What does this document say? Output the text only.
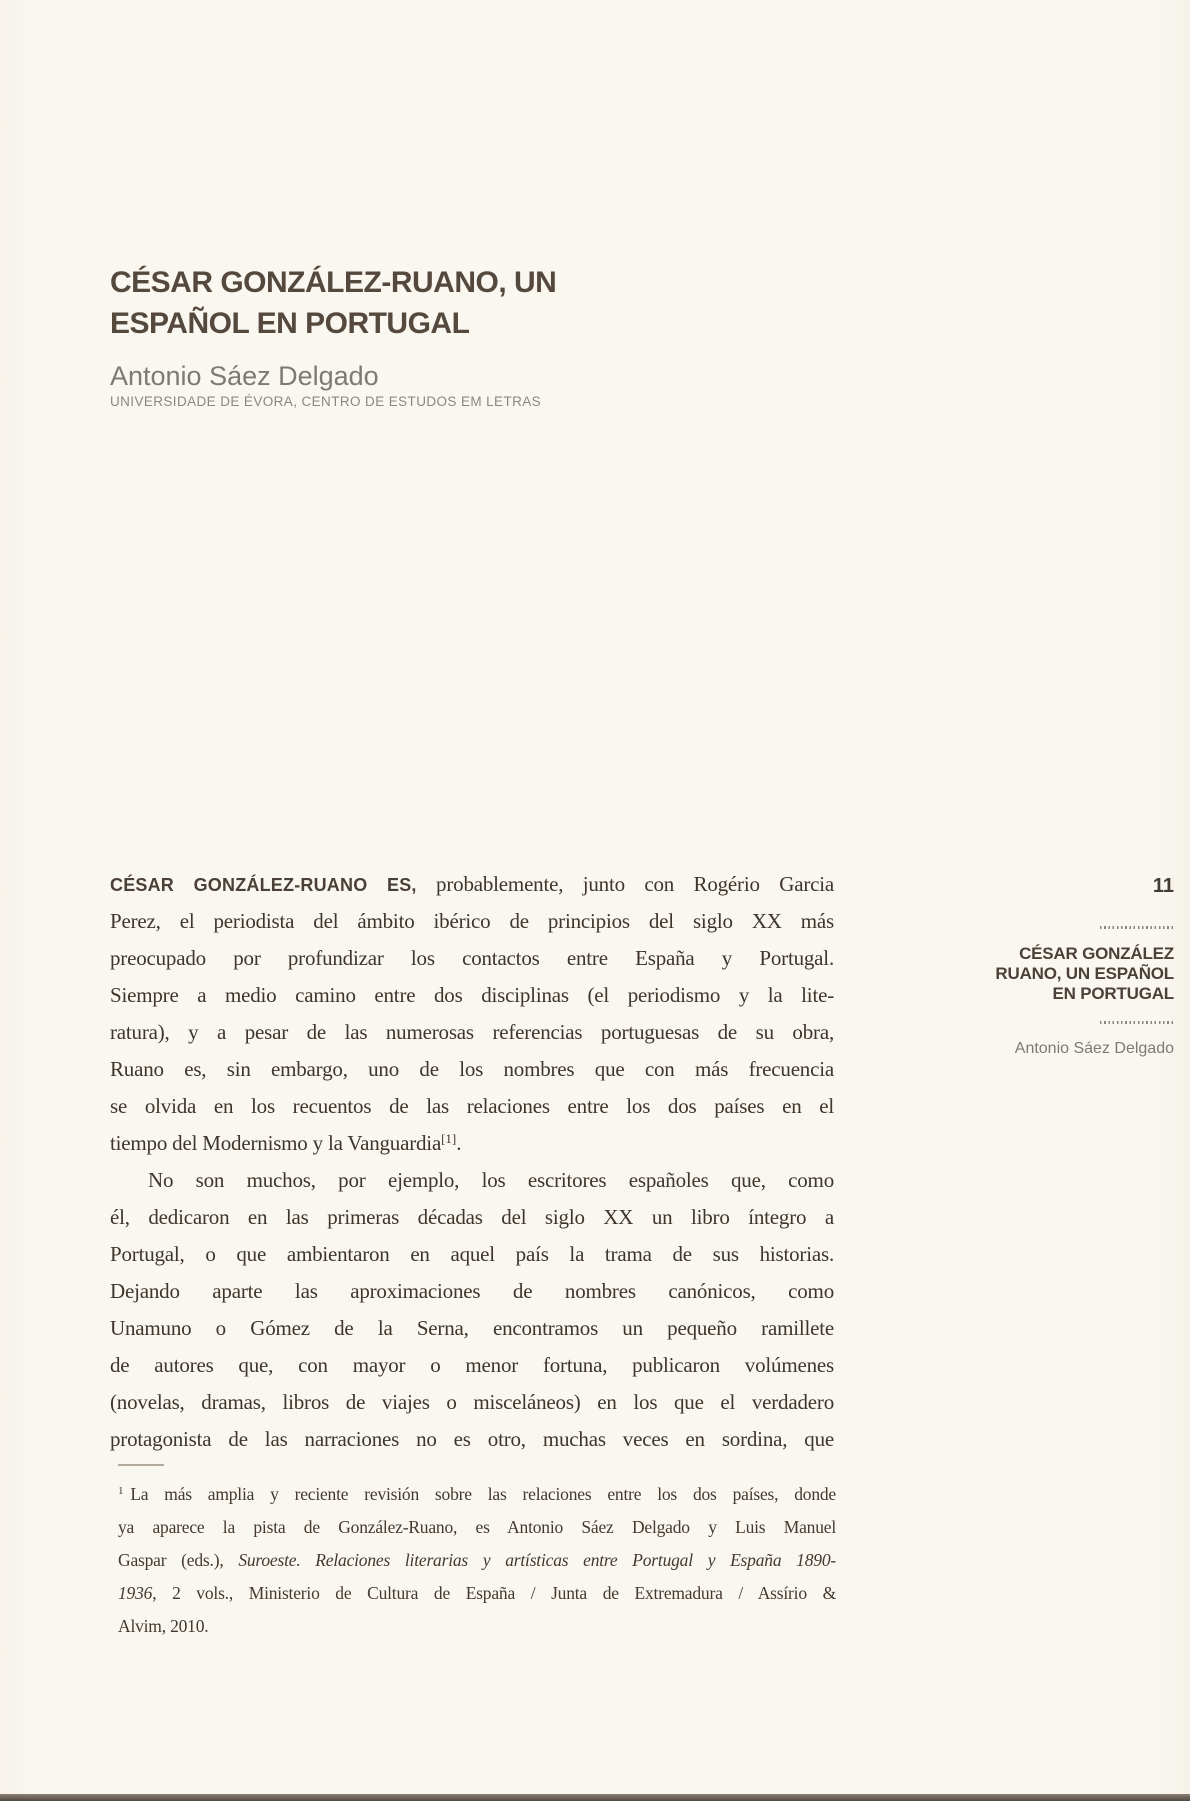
CÉSAR GONZÁLEZ-RUANO, UN
ESPAÑOL EN PORTUGAL
Antonio Sáez Delgado
UNIVERSIDADE DE ÉVORA, CENTRO DE ESTUDOS EM LETRAS
CÉSAR GONZÁLEZ-RUANO ES, probablemente, junto con Rogério Garcia
Perez, el periodista del ámbito ibérico de principios del siglo XX más
preocupado por profundizar los contactos entre España y Portugal.
Siempre a medio camino entre dos disciplinas (el periodismo y la lite-
ratura), y a pesar de las numerosas referencias portuguesas de su obra,
Ruano es, sin embargo, uno de los nombres que con más frecuencia
se olvida en los recuentos de las relaciones entre los dos países en el
tiempo del Modernismo y la Vanguardia[1].
No son muchos, por ejemplo, los escritores españoles que, como
él, dedicaron en las primeras décadas del siglo XX un libro íntegro a
Portugal, o que ambientaron en aquel país la trama de sus historias.
Dejando aparte las aproximaciones de nombres canónicos, como
Unamuno o Gómez de la Serna, encontramos un pequeño ramillete
de autores que, con mayor o menor fortuna, publicaron volúmenes
(novelas, dramas, libros de viajes o misceláneos) en los que el verdadero
protagonista de las narraciones no es otro, muchas veces en sordina, que
$^1$ La más amplia y reciente revisión sobre las relaciones entre los dos países, donde
ya aparece la pista de González-Ruano, es Antonio Sáez Delgado y Luis Manuel
Gaspar (eds.), Suroeste. Relaciones literarias y artísticas entre Portugal y España 1890-
1936, 2 vols., Ministerio de Cultura de España / Junta de Extremadura / Assírio &
Alvim, 2010.
11
CÉSAR GONZÁLEZ
RUANO, UN ESPAÑOL
EN PORTUGAL
Antonio Sáez Delgado
